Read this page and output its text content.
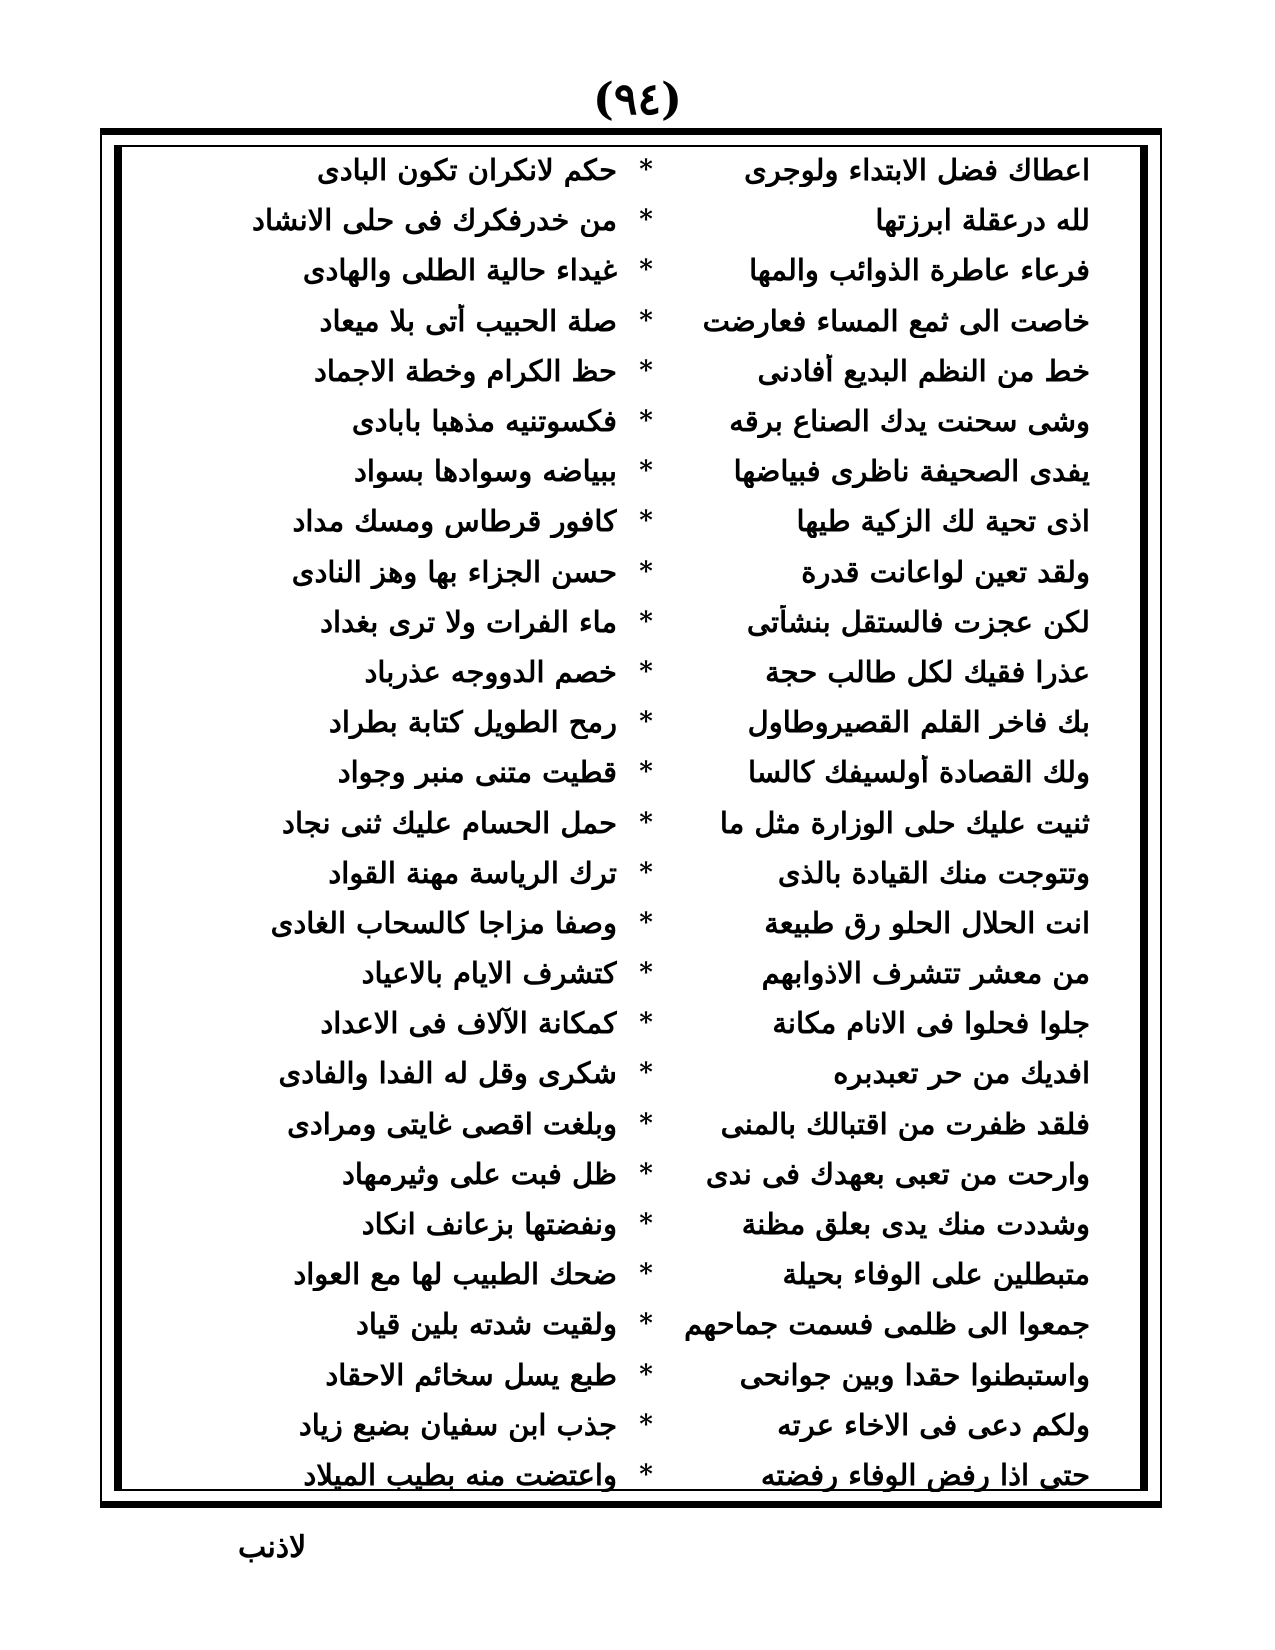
(٩٤)
اعطاك فضل الابتداء ولوجرى
*
حكم لانكران تكون البادى
لله درعقلة ابرزتها
*
من خدرفكرك فى حلى الانشاد
فرعاء عاطرة الذوائب والمها
*
غيداء حالية الطلى والهادى
خاصت الى ثمع المساء فعارضت
*
صلة الحبيب أتى بلا ميعاد
خط من النظم البديع أفادنى
*
حظ الكرام وخطة الاجماد
وشى سحنت يدك الصناع برقه
*
فكسوتنيه مذهبا بابادى
يفدى الصحيفة ناظرى فبياضها
*
ببياضه وسوادها بسواد
اذى تحية لك الزكية طيها
*
كافور قرطاس ومسك مداد
ولقد تعين لواعانت قدرة
*
حسن الجزاء بها وهز النادى
لكن عجزت فالستقل بنشأتى
*
ماء الفرات ولا ترى بغداد
عذرا فقيك لكل طالب حجة
*
خصم الدووجه عذرباد
بك فاخر القلم القصيروطاول
*
رمح الطويل كتابة بطراد
ولك القصادة أولسيفك كالسا
*
قطيت متنى منبر وجواد
ثنيت عليك حلى الوزارة مثل ما
*
حمل الحسام عليك ثنى نجاد
وتتوجت منك القيادة بالذى
*
ترك الرياسة مهنة القواد
انت الحلال الحلو رق طبيعة
*
وصفا مزاجا كالسحاب الغادى
من معشر تتشرف الاذوابهم
*
كتشرف الايام بالاعياد
جلوا فحلوا فى الانام مكانة
*
كمكانة الآلاف فى الاعداد
افديك من حر تعبدبره
*
شكرى وقل له الفدا والفادى
فلقد ظفرت من اقتبالك بالمنى
*
وبلغت اقصى غايتى ومرادى
وارحت من تعبى بعهدك فى ندى
*
ظل فبت على وثيرمهاد
وشددت منك يدى بعلق مظنة
*
ونفضتها بزعانف انكاد
متبطلين على الوفاء بحيلة
*
ضحك الطبيب لها مع العواد
جمعوا الى ظلمى فسمت جماحهم
*
ولقيت شدته بلين قياد
واستبطنوا حقدا وبين جوانحى
*
طبع يسل سخائم الاحقاد
ولكم دعى فى الاخاء عرته
*
جذب ابن سفيان بضبع زياد
حتى اذا رفض الوفاء رفضته
*
واعتضت منه بطيب الميلاد
لاذنب
